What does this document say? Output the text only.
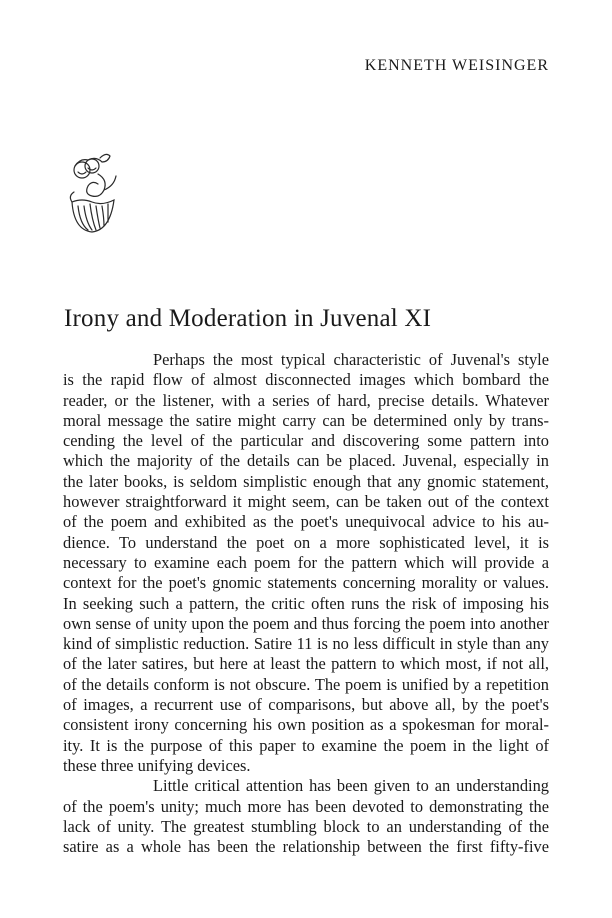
KENNETH WEISINGER
Irony and Moderation in Juvenal XI
Perhaps the most typical characteristic of Juvenal's style
is the rapid flow of almost disconnected images which bombard the
reader, or the listener, with a series of hard, precise details. Whatever
moral message the satire might carry can be determined only by trans-
cending the level of the particular and discovering some pattern into
which the majority of the details can be placed. Juvenal, especially in
the later books, is seldom simplistic enough that any gnomic statement,
however straightforward it might seem, can be taken out of the context
of the poem and exhibited as the poet's unequivocal advice to his au-
dience. To understand the poet on a more sophisticated level, it is
necessary to examine each poem for the pattern which will provide a
context for the poet's gnomic statements concerning morality or values.
In seeking such a pattern, the critic often runs the risk of imposing his
own sense of unity upon the poem and thus forcing the poem into another
kind of simplistic reduction. Satire 11 is no less difficult in style than any
of the later satires, but here at least the pattern to which most, if not all,
of the details conform is not obscure. The poem is unified by a repetition
of images, a recurrent use of comparisons, but above all, by the poet's
consistent irony concerning his own position as a spokesman for moral-
ity. It is the purpose of this paper to examine the poem in the light of
these three unifying devices.
Little critical attention has been given to an understanding
of the poem's unity; much more has been devoted to demonstrating the
lack of unity. The greatest stumbling block to an understanding of the
satire as a whole has been the relationship between the first fifty-five
